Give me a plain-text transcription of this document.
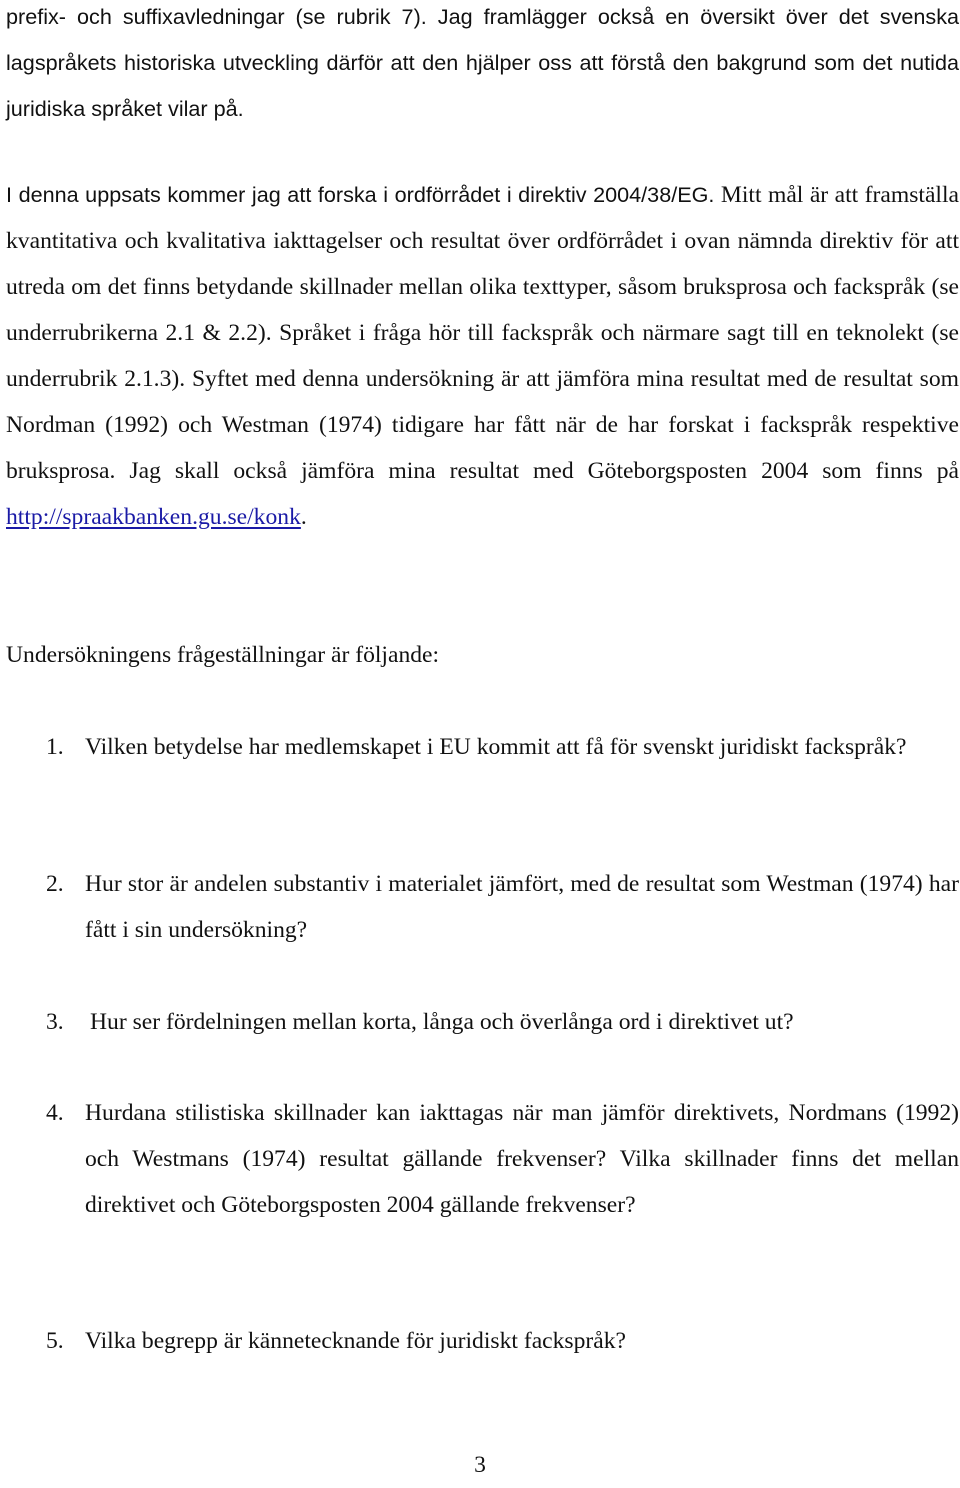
prefix- och suffixavledningar (se rubrik 7). Jag framlägger också en översikt över det svenska lagspråkets historiska utveckling därför att den hjälper oss att förstå den bakgrund som det nutida juridiska språket vilar på.

I denna uppsats kommer jag att forska i ordförrådet i direktiv 2004/38/EG. Mitt mål är att framställa kvantitativa och kvalitativa iakttagelser och resultat över ordförrådet i ovan nämnda direktiv för att utreda om det finns betydande skillnader mellan olika texttyper, såsom bruksprosa och fackspråk (se underrubrikerna 2.1 & 2.2). Språket i fråga hör till fackspråk och närmare sagt till en teknolekt (se underrubrik 2.1.3). Syftet med denna undersökning är att jämföra mina resultat med de resultat som Nordman (1992) och Westman (1974) tidigare har fått när de har forskat i fackspråk respektive bruksprosa. Jag skall också jämföra mina resultat med Göteborgsposten 2004 som finns på http://spraakbanken.gu.se/konk.

Undersökningens frågeställningar är följande:

1. Vilken betydelse har medlemskapet i EU kommit att få för svenskt juridiskt fackspråk?

2. Hur stor är andelen substantiv i materialet jämfört, med de resultat som Westman (1974) har fått i sin undersökning?

3.	Hur ser fördelningen mellan korta, långa och överlånga ord i direktivet ut?

4. Hurdana stilistiska skillnader kan iakttagas när man jämför direktivets, Nordmans (1992) och Westmans (1974) resultat gällande frekvenser? Vilka skillnader finns det mellan direktivet och Göteborgsposten 2004 gällande frekvenser?

5. Vilka begrepp är kännetecknande för juridiskt fackspråk?

3
